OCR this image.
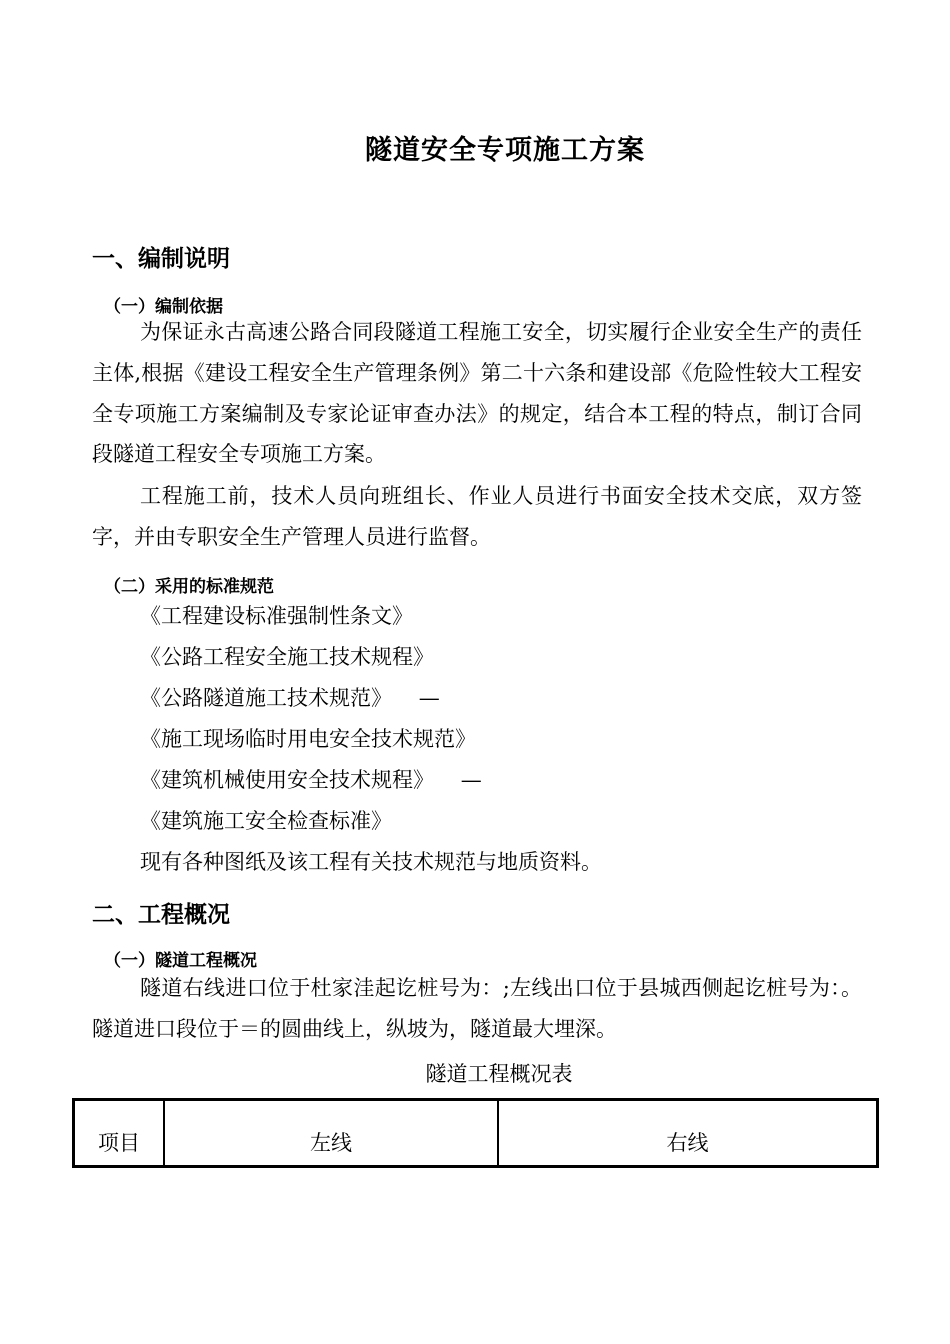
隧道安全专项施工方案
一、编制说明
（一）编制依据

为保证永古高速公路合同段隧道工程施工安全，切实履行企业安全生产的责任主体,根据《建设工程安全生产管理条例》第二十六条和建设部《危险性较大工程安全专项施工方案编制及专家论证审查办法》的规定，结合本工程的特点，制订合同段隧道工程安全专项施工方案。

工程施工前，技术人员向班组长、作业人员进行书面安全技术交底，双方签字，并由专职安全生产管理人员进行监督。

（二）采用的标准规范
《工程建设标准强制性条文》
《公路工程安全施工技术规程》
《公路隧道施工技术规范》    —
《施工现场临时用电安全技术规范》
《建筑机械使用安全技术规程》    —
《建筑施工安全检查标准》
现有各种图纸及该工程有关技术规范与地质资料。
二、工程概况
（一）隧道工程概况

隧道右线进口位于杜家洼起讫桩号为：;左线出口位于县城西侧起讫桩号为：。隧道进口段位于＝的圆曲线上，纵坡为，隧道最大埋深。

隧道工程概况表
项目	左线	右线
